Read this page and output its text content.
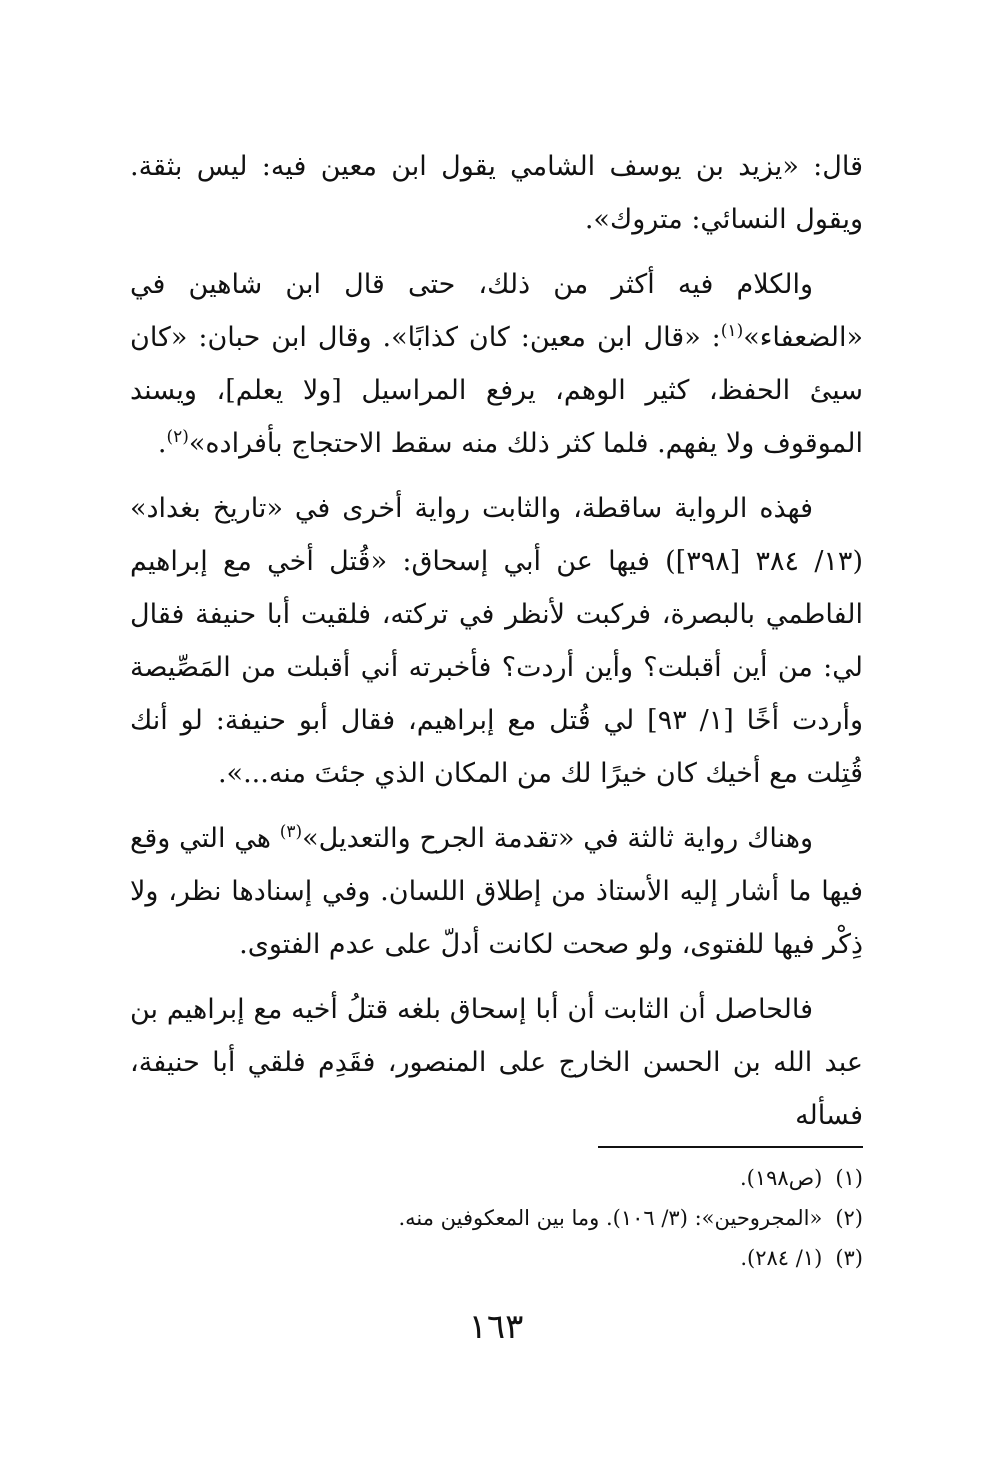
قال: «يزيد بن يوسف الشامي يقول ابن معين فيه: ليس بثقة. ويقول النسائي: متروك».

والكلام فيه أكثر من ذلك، حتى قال ابن شاهين في «الضعفاء»$^{(١)}$: «قال ابن معين: كان كذابًا». وقال ابن حبان: «كان سيئ الحفظ، كثير الوهم، يرفع المراسيل [ولا يعلم]، ويسند الموقوف ولا يفهم. فلما كثر ذلك منه سقط الاحتجاج بأفراده»$^{(٢)}$.

فهذه الرواية ساقطة، والثابت رواية أخرى في «تاريخ بغداد» (١٣/ ٣٨٤ [٣٩٨]) فيها عن أبي إسحاق: «قُتل أخي مع إبراهيم الفاطمي بالبصرة، فركبت لأنظر في تركته، فلقيت أبا حنيفة فقال لي: من أين أقبلت؟ وأين أردت؟ فأخبرته أني أقبلت من المَصِّيصة وأردت أخًا [١/ ٩٣] لي قُتل مع إبراهيم، فقال أبو حنيفة: لو أنك قُتِلت مع أخيك كان خيرًا لك من المكان الذي جئتَ منه...».

وهناك رواية ثالثة في «تقدمة الجرح والتعديل»$^{(٣)}$ هي التي وقع فيها ما أشار إليه الأستاذ من إطلاق اللسان. وفي إسنادها نظر، ولا ذِكْر فيها للفتوى، ولو صحت لكانت أدلّ على عدم الفتوى.

فالحاصل أن الثابت أن أبا إسحاق بلغه قتلُ أخيه مع إبراهيم بن عبد الله بن الحسن الخارج على المنصور، فقَدِم فلقي أبا حنيفة، فسأله

(١) (ص١٩٨).

(٢) «المجروحين»: (٣/ ١٠٦). وما بين المعكوفين منه.

(٣) (١/ ٢٨٤).

١٦٣
